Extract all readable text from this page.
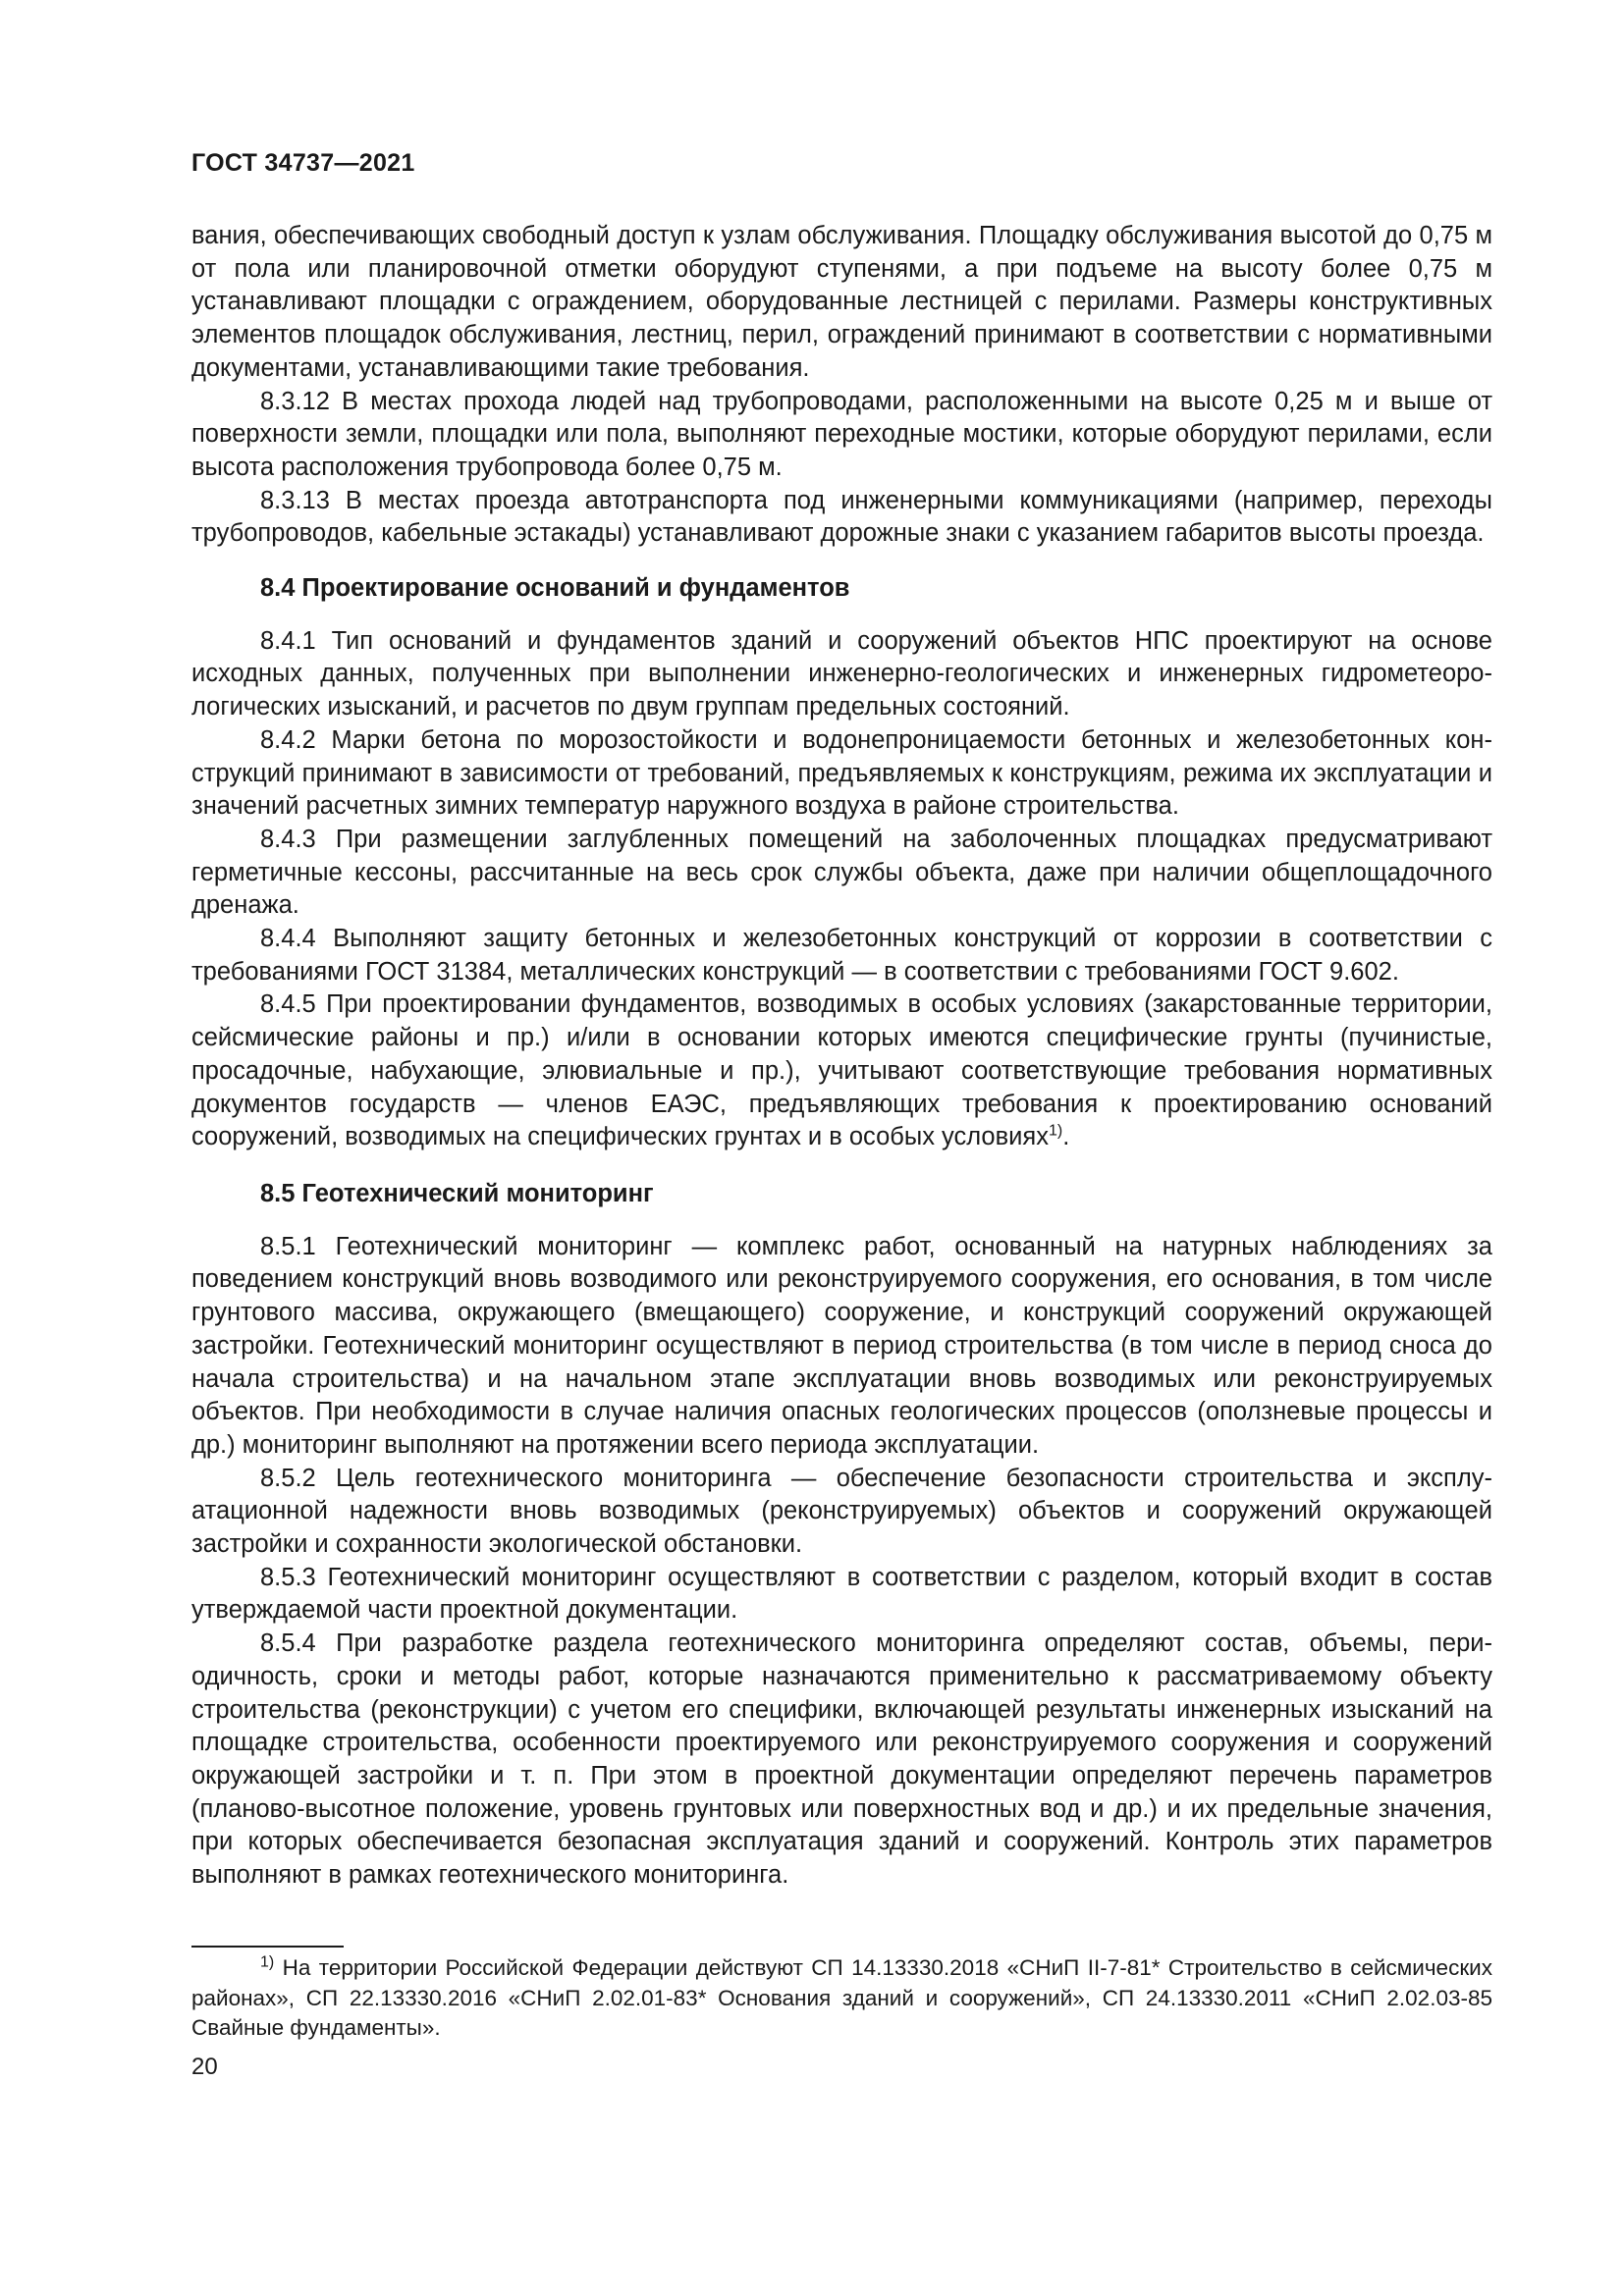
ГОСТ 34737—2021

вания, обеспечивающих свободный доступ к узлам обслуживания. Площадку обслуживания высотой до 0,75 м от пола или планировочной отметки оборудуют ступенями, а при подъеме на высоту более 0,75 м устанавливают площадки с ограждением, оборудованные лестницей с перилами. Размеры конструктивных элементов площадок обслуживания, лестниц, перил, ограждений принимают в соответствии с нормативными документами, устанавливающими такие требования.

8.3.12 В местах прохода людей над трубопроводами, расположенными на высоте 0,25 м и выше от поверхности земли, площадки или пола, выполняют переходные мостики, которые оборудуют перилами, если высота расположения трубопровода более 0,75 м.

8.3.13 В местах проезда автотранспорта под инженерными коммуникациями (например, переходы трубопроводов, кабельные эстакады) устанавливают дорожные знаки с указанием габаритов высоты проезда.

8.4 Проектирование оснований и фундаментов

8.4.1 Тип оснований и фундаментов зданий и сооружений объектов НПС проектируют на основе исходных данных, полученных при выполнении инженерно-геологических и инженерных гидрометеорологических изысканий, и расчетов по двум группам предельных состояний.

8.4.2 Марки бетона по морозостойкости и водонепроницаемости бетонных и железобетонных конструкций принимают в зависимости от требований, предъявляемых к конструкциям, режима их эксплуатации и значений расчетных зимних температур наружного воздуха в районе строительства.

8.4.3 При размещении заглубленных помещений на заболоченных площадках предусматривают герметичные кессоны, рассчитанные на весь срок службы объекта, даже при наличии общеплощадочного дренажа.

8.4.4 Выполняют защиту бетонных и железобетонных конструкций от коррозии в соответствии с требованиями ГОСТ 31384, металлических конструкций — в соответствии с требованиями ГОСТ 9.602.

8.4.5 При проектировании фундаментов, возводимых в особых условиях (закарстованные территории, сейсмические районы и пр.) и/или в основании которых имеются специфические грунты (пучинистые, просадочные, набухающие, элювиальные и пр.), учитывают соответствующие требования нормативных документов государств — членов ЕАЭС, предъявляющих требования к проектированию оснований сооружений, возводимых на специфических грунтах и в особых условиях$^{1)}$.

8.5 Геотехнический мониторинг

8.5.1 Геотехнический мониторинг — комплекс работ, основанный на натурных наблюдениях за поведением конструкций вновь возводимого или реконструируемого сооружения, его основания, в том числе грунтового массива, окружающего (вмещающего) сооружение, и конструкций сооружений окружающей застройки. Геотехнический мониторинг осуществляют в период строительства (в том числе в период сноса до начала строительства) и на начальном этапе эксплуатации вновь возводимых или реконструируемых объектов. При необходимости в случае наличия опасных геологических процессов (оползневые процессы и др.) мониторинг выполняют на протяжении всего периода эксплуатации.

8.5.2 Цель геотехнического мониторинга — обеспечение безопасности строительства и эксплуатационной надежности вновь возводимых (реконструируемых) объектов и сооружений окружающей застройки и сохранности экологической обстановки.

8.5.3 Геотехнический мониторинг осуществляют в соответствии с разделом, который входит в состав утверждаемой части проектной документации.

8.5.4 При разработке раздела геотехнического мониторинга определяют состав, объемы, периодичность, сроки и методы работ, которые назначаются применительно к рассматриваемому объекту строительства (реконструкции) с учетом его специфики, включающей результаты инженерных изысканий на площадке строительства, особенности проектируемого или реконструируемого сооружения и сооружений окружающей застройки и т. п. При этом в проектной документации определяют перечень параметров (планово-высотное положение, уровень грунтовых или поверхностных вод и др.) и их предельные значения, при которых обеспечивается безопасная эксплуатация зданий и сооружений. Контроль этих параметров выполняют в рамках геотехнического мониторинга.

$^{1)}$ На территории Российской Федерации действуют СП 14.13330.2018 «СНиП II-7-81* Строительство в сейсмических районах», СП 22.13330.2016 «СНиП 2.02.01-83* Основания зданий и сооружений», СП 24.13330.2011 «СНиП 2.02.03-85 Свайные фундаменты».

20
